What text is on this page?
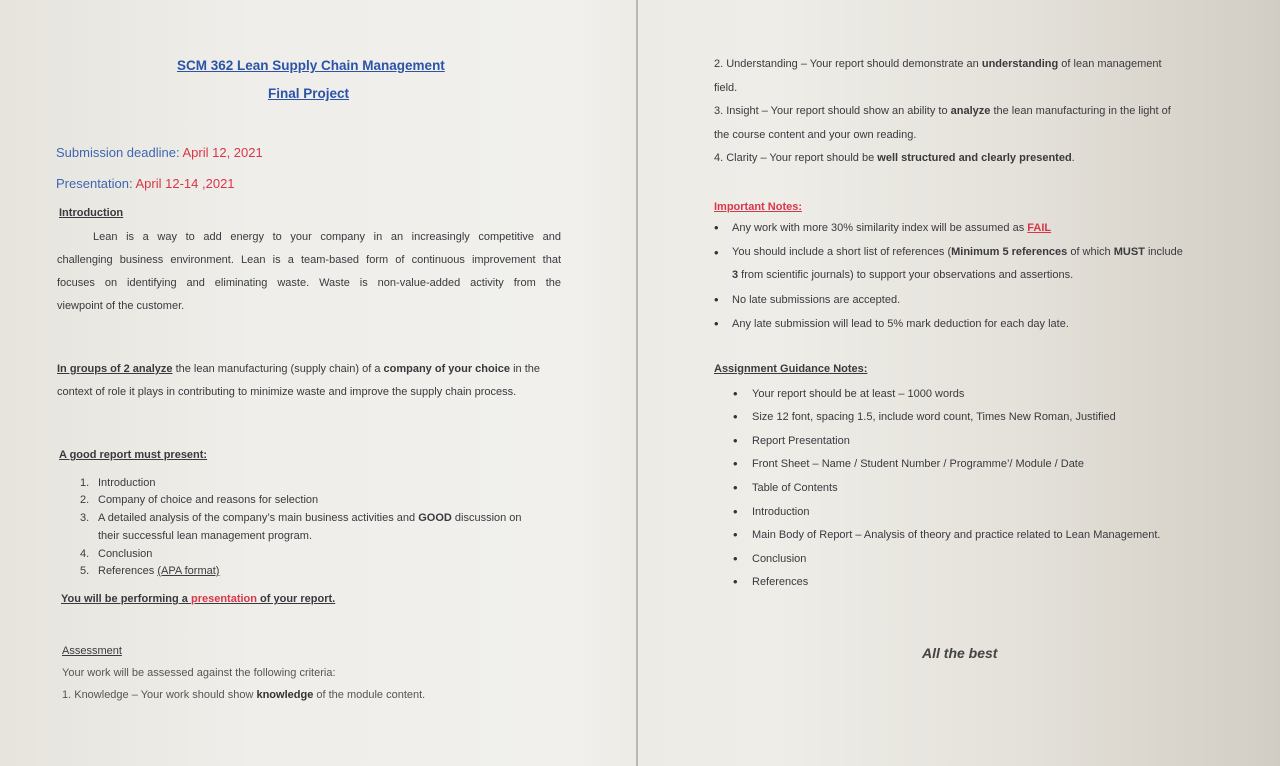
SCM 362 Lean Supply Chain Management
Final Project
Submission deadline: April 12, 2021
Presentation: April 12-14 ,2021
Introduction
Lean is a way to add energy to your company in an increasingly competitive and
challenging business environment. Lean is a team-based form of continuous improvement that
focuses on identifying and eliminating waste. Waste is non-value-added activity from the
viewpoint of the customer.
In groups of 2 analyze the lean manufacturing (supply chain) of a company of your choice in the
context of role it plays in contributing to minimize waste and improve the supply chain process.
A good report must present:
1. Introduction
2. Company of choice and reasons for selection
3. A detailed analysis of the company’s main business activities and GOOD discussion on
their successful lean management program.
4. Conclusion
5. References (APA format)
You will be performing a presentation of your report.
Assessment
Your work will be assessed against the following criteria:
1. Knowledge – Your work should show knowledge of the module content.
2. Understanding – Your report should demonstrate an understanding of lean management
field.
3. Insight – Your report should show an ability to analyze the lean manufacturing in the light of
the course content and your own reading.
4. Clarity – Your report should be well structured and clearly presented.
Important Notes:
• Any work with more 30% similarity index will be assumed as FAIL
• You should include a short list of references (Minimum 5 references of which MUST include
3 from scientific journals) to support your observations and assertions.
• No late submissions are accepted.
• Any late submission will lead to 5% mark deduction for each day late.
Assignment Guidance Notes:
• Your report should be at least – 1000 words
• Size 12 font, spacing 1.5, include word count, Times New Roman, Justified
• Report Presentation
• Front Sheet – Name / Student Number / Programme’/ Module / Date
• Table of Contents
• Introduction
• Main Body of Report – Analysis of theory and practice related to Lean Management.
• Conclusion
• References
All the best
